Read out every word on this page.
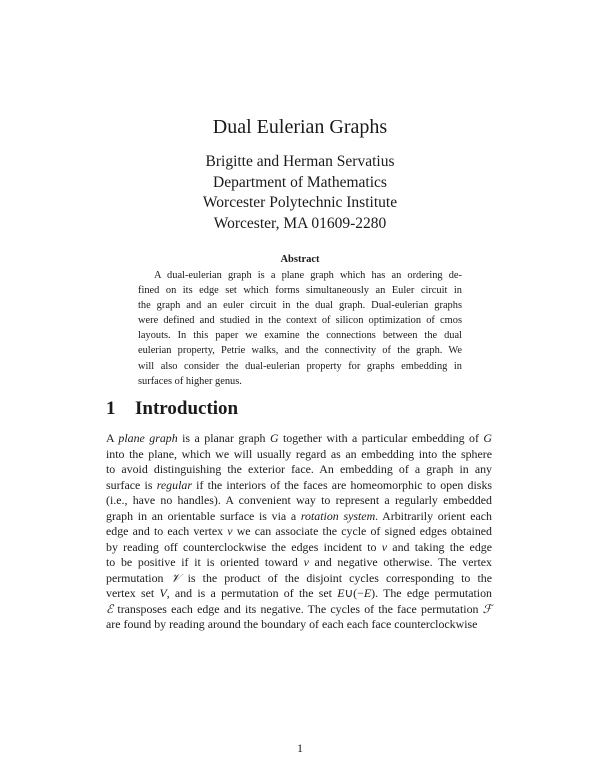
Dual Eulerian Graphs
Brigitte and Herman Servatius
Department of Mathematics
Worcester Polytechnic Institute
Worcester, MA 01609-2280
Abstract
A dual-eulerian graph is a plane graph which has an ordering de-
fined on its edge set which forms simultaneously an Euler circuit in
the graph and an euler circuit in the dual graph. Dual-eulerian graphs
were defined and studied in the context of silicon optimization of cmos
layouts. In this paper we examine the connections between the dual
eulerian property, Petrie walks, and the connectivity of the graph. We
will also consider the dual-eulerian property for graphs embedding in
surfaces of higher genus.
1 Introduction
A plane graph is a planar graph G together with a particular embedding of G
into the plane, which we will usually regard as an embedding into the sphere
to avoid distinguishing the exterior face. An embedding of a graph in any
surface is regular if the interiors of the faces are homeomorphic to open disks
(i.e., have no handles). A convenient way to represent a regularly embedded
graph in an orientable surface is via a rotation system. Arbitrarily orient each
edge and to each vertex v we can associate the cycle of signed edges obtained
by reading off counterclockwise the edges incident to v and taking the edge
to be positive if it is oriented toward v and negative otherwise. The vertex
permutation 𝒱 is the product of the disjoint cycles corresponding to the
vertex set V, and is a permutation of the set E∪(−E). The edge permutation
ℰ transposes each edge and its negative. The cycles of the face permutation ℱ
are found by reading around the boundary of each each face counterclockwise
1
